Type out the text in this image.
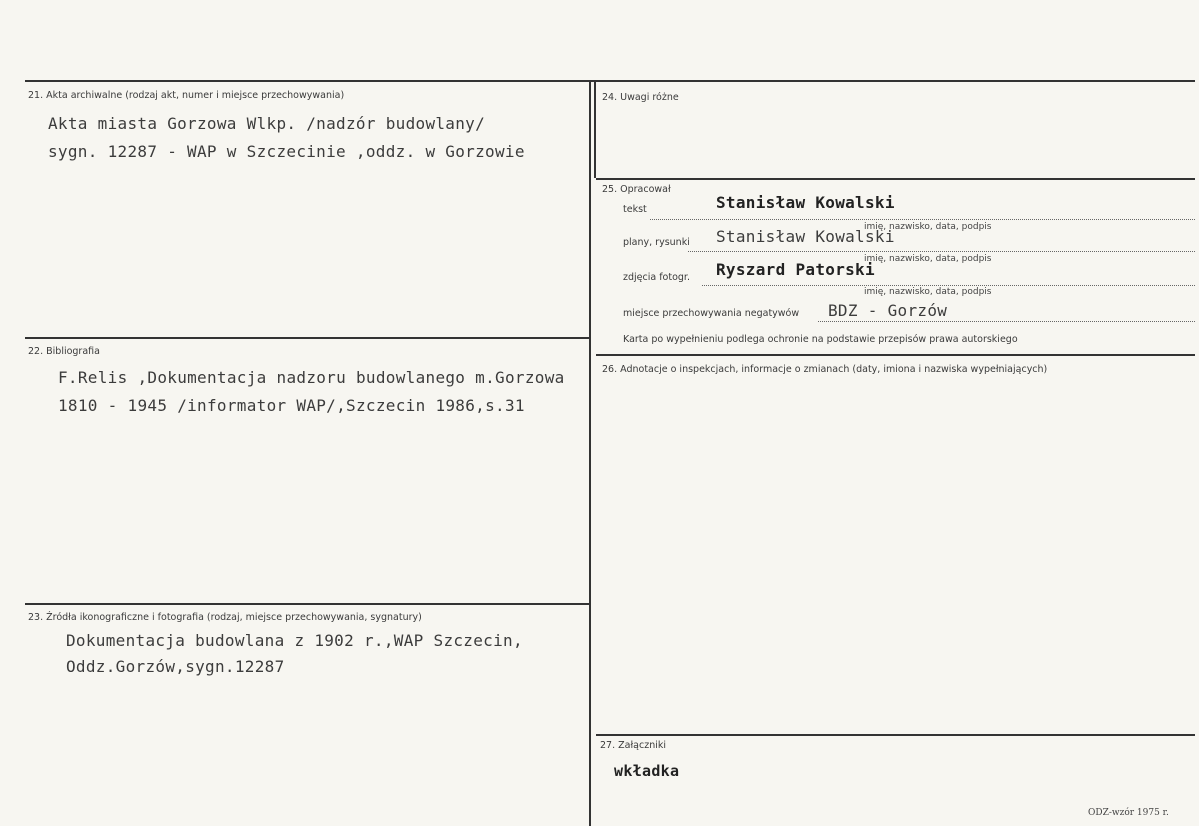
21. Akta archiwalne (rodzaj akt, numer i miejsce przechowywania)
Akta miasta Gorzowa Wlkp. /nadzór budowlany/
sygn. 12287 - WAP w Szczecinie ,oddz. w Gorzowie
22. Bibliografia
F.Relis ,Dokumentacja nadzoru budowlanego m.Gorzowa
1810 - 1945 /informator WAP/,Szczecin 1986,s.31
23. Źródła ikonograficzne i fotografia (rodzaj, miejsce przechowywania, sygnatury)
Dokumentacja budowlana z 1902 r.,WAP Szczecin,
Oddz.Gorzów,sygn.12287
24. Uwagi różne
25. Opracował
tekst	Stanisław Kowalski
imię, nazwisko, data, podpis
plany, rysunki Stanisław Kowalski
imię, nazwisko, data, podpis
zdjęcia fotogr. Ryszard Patorski
imię, nazwisko, data, podpis
miejsce przechowywania negatywów BDZ - Gorzów
Karta po wypełnieniu podlega ochronie na podstawie przepisów prawa autorskiego
26. Adnotacje o inspekcjach, informacje o zmianach (daty, imiona i nazwiska wypełniających)
27. Załączniki
wkładka
ODZ-wzór 1975 r.
